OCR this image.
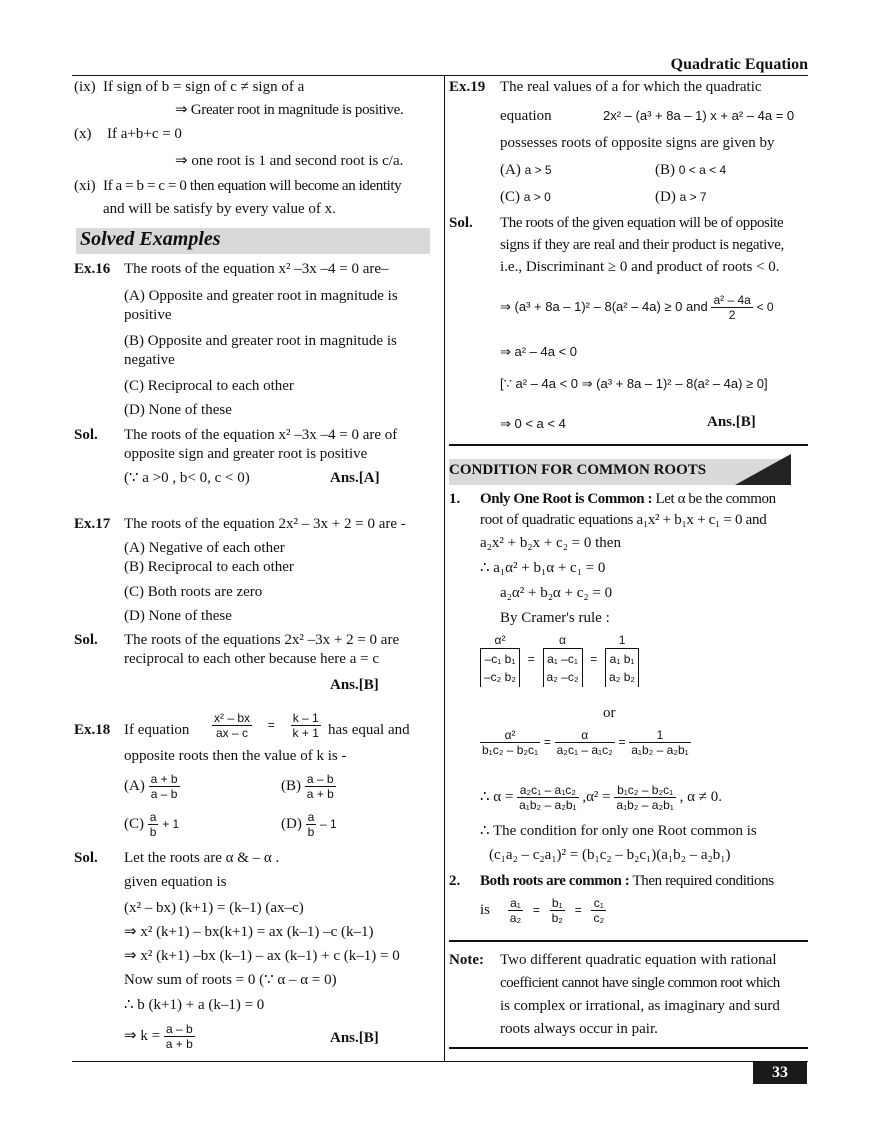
Quadratic Equation
(ix) If sign of b = sign of c ≠ sign of a
⇒ Greater root in magnitude is positive.
(x) If a+b+c = 0
⇒ one root is 1 and second root is c/a.
(xi) If a = b = c = 0 then equation will become an identity
and will be satisfy by every value of x.
Solved Examples
Ex.16 The roots of the equation x² –3x –4 = 0 are–
(A) Opposite and greater root in magnitude is
positive
(B) Opposite and greater root in magnitude is
negative
(C) Reciprocal to each other
(D) None of these
Sol. The roots of the equation x² –3x –4 = 0 are of
opposite sign and greater root is positive
(∵ a >0 , b< 0, c < 0)	Ans.[A]
Ex.17 The roots of the equation 2x² – 3x + 2 = 0 are -
(A) Negative of each other
(B) Reciprocal to each other
(C) Both roots are zero
(D) None of these
Sol. The roots of the equations 2x² –3x + 2 = 0 are
reciprocal to each other because here a = c
Ans.[B]
Ex.18 If equation $\frac{\text{x² – bx}}{ax - c} = \frac{k - 1}{k + 1}$ has equal and
opposite roots then the value of k is -
$(A) \frac{a + b}{a - b}$	$(B) \frac{a - b}{a + b}$
$(C) \frac{a}{b} + 1$	$(D) \frac{a}{b} - 1$
Sol. Let the roots are α & – α .
given equation is
(x² – bx) (k+1) = (k–1) (ax–c)
⇒ x² (k+1) – bx(k+1) = ax (k–1) –c (k–1)
⇒ x² (k+1) –bx (k–1) – ax (k–1) + c (k–1) = 0
Now sum of roots = 0 (∵ α – α = 0)
∴ b (k+1) + a (k–1) = 0
⇒ $k = \frac{a - b}{a + b}$	Ans.[B]
Ex.19 The real values of a for which the quadratic
equation	2x² – (a³ + 8a – 1) x + a² – 4a = 0
possesses roots of opposite signs are given by
(A) a > 5	(B) 0 < a < 4
(C) a > 0	(D) a > 7
Sol. The roots of the given equation will be of opposite
signs if they are real and their product is negative,
i.e., Discriminant ≥ 0 and product of roots < 0.
⇒ (a³ + 8a – 1)² – 8(a² – 4a) ≥ 0 and $\frac{\text{a² – 4a}}{2} < 0$
⇒ a² – 4a < 0
[∵ a² – 4a < 0 ⇒ (a³ + 8a – 1)² – 8(a² – 4a) ≥ 0]
⇒ 0 < a < 4	Ans.[B]
CONDITION FOR COMMON ROOTS
1. Only One Root is Common : Let α be the common
root of quadratic equations a₁x² + b₁x + c₁ = 0 and
a₂x² + b₂x + c₂ = 0 then
∴ a₁α² + b₁α + c₁ = 0
a₂α² + b₂α + c₂ = 0
By Cramer's rule :
α²
–c₁ b₁
–c₂ b₂ = α
a₁ –c₁
a₂ –c₂ = 1
a₁ b₁
a₂ b₂
or
$\frac{\text{α²}}{\text{b₁c₂ – b₂c₁}} = \frac{\alpha}{\text{a₂c₁ – a₁c₂}} = \frac{1}{\text{a₁b₂ – a₂b₁}}$
∴ $\alpha = \frac{\text{a₂c₁ – a₁c₂}}{\text{a₁b₂ – a₂b₁}} ,\alpha^2 = \frac{\text{b₁c₂ – b₂c₁}}{\text{a₁b₂ – a₂b₁}}$ , α ≠ 0.
∴ The condition for only one Root common is
(c₁a₂ – c₂a₁)² = (b₁c₂ – b₂c₁)(a₁b₂ – a₂b₁)
2. Both roots are common : Then required conditions
is $\frac{\text{a₁}}{\text{a₂}} = \frac{\text{b₁}}{\text{b₂}} = \frac{\text{c₁}}{\text{c₂}}$
Note: Two different quadratic equation with rational
coefficient cannot have single common root which
is complex or irrational, as imaginary and surd
roots always occur in pair.
33
